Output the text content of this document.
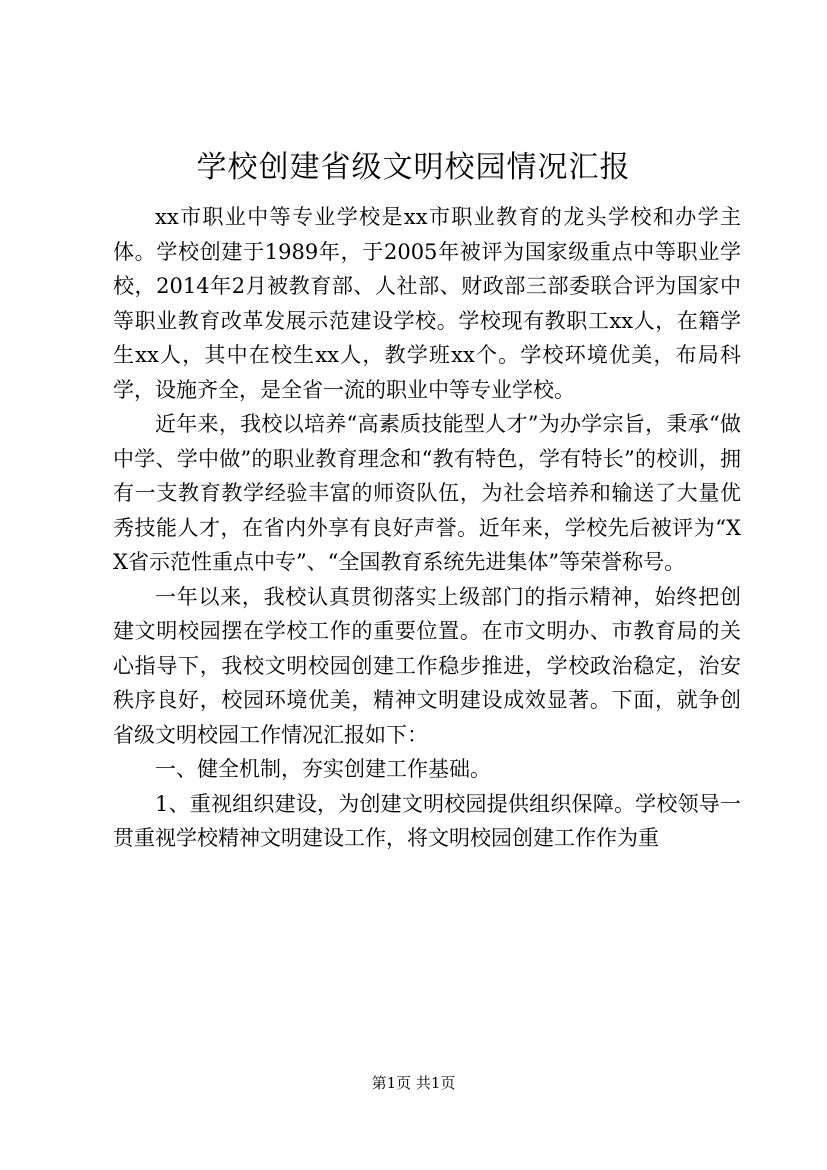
学校创建省级文明校园情况汇报

xx市职业中等专业学校是xx市职业教育的龙头学校和办学主体。学校创建于1989年，于2005年被评为国家级重点中等职业学校，2014年2月被教育部、人社部、财政部三部委联合评为国家中等职业教育改革发展示范建设学校。学校现有教职工xx人，在籍学生xx人，其中在校生xx人，教学班xx个。学校环境优美，布局科学，设施齐全，是全省一流的职业中等专业学校。

近年来，我校以培养“高素质技能型人才”为办学宗旨，秉承“做中学、学中做”的职业教育理念和“教有特色，学有特长”的校训，拥有一支教育教学经验丰富的师资队伍，为社会培养和输送了大量优秀技能人才，在省内外享有良好声誉。近年来，学校先后被评为“XX省示范性重点中专”、“全国教育系统先进集体”等荣誉称号。

一年以来，我校认真贯彻落实上级部门的指示精神，始终把创建文明校园摆在学校工作的重要位置。在市文明办、市教育局的关心指导下，我校文明校园创建工作稳步推进，学校政治稳定，治安秩序良好，校园环境优美，精神文明建设成效显著。下面，就争创省级文明校园工作情况汇报如下：

一、健全机制，夯实创建工作基础。

1、重视组织建设，为创建文明校园提供组织保障。学校领导一贯重视学校精神文明建设工作，将文明校园创建工作作为重

第1页 共1页
